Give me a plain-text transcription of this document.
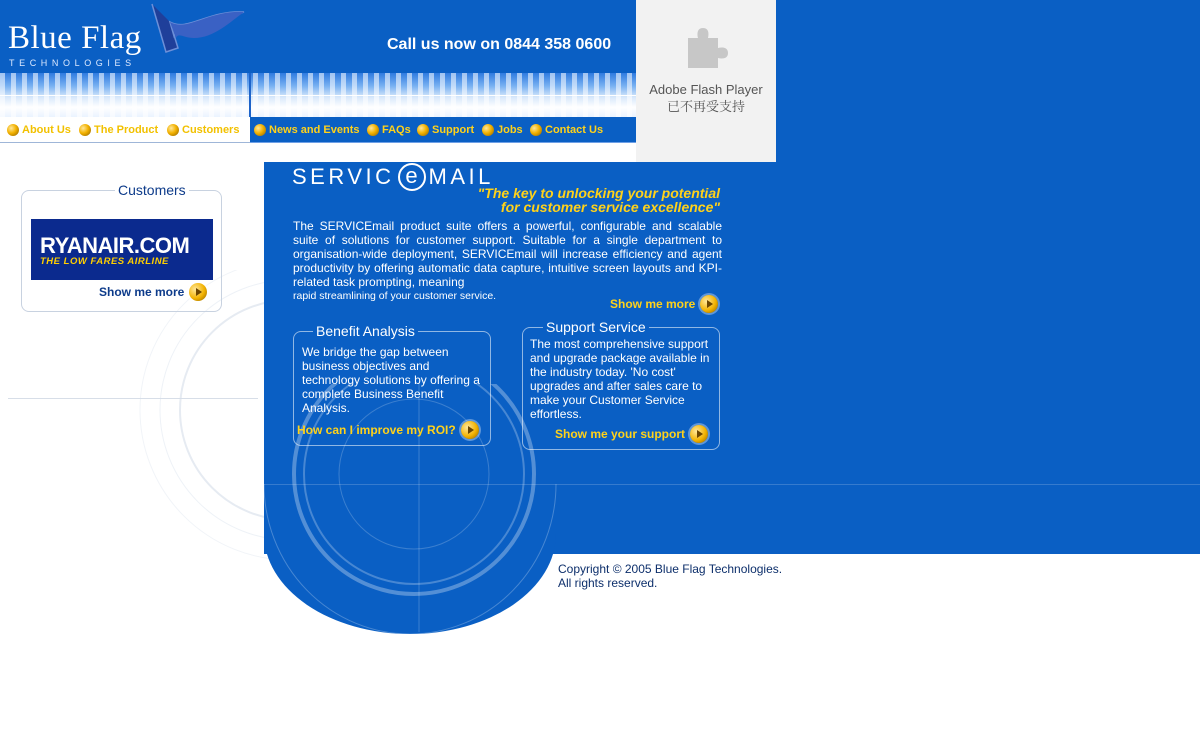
Blue Flag
TECHNOLOGIES
Call us now on 0844 358 0600
About Us The Product Customers	News and Events FAQs Support Jobs Contact Us
Adobe Flash Player 已不再受支持
SERVIC e MAIL
"The key to unlocking your potential
for customer service excellence"
The SERVICEmail product suite offers a powerful, configurable and scalable suite of solutions for customer support. Suitable for a single department to organisation-wide deployment, SERVICEmail will increase efficiency and agent productivity by offering automatic data capture, intuitive screen layouts and KPI-related task prompting, meaning
rapid streamlining of your customer service.
Show me more
Benefit Analysis
We bridge the gap between business objectives and technology solutions by offering a complete Business Benefit Analysis.
How can I improve my ROI?
Support Service
The most comprehensive support and upgrade package available in the industry today. 'No cost' upgrades and after sales care to make your Customer Service effortless.
Show me your support
Customers
RYANAIR.COM
THE LOW FARES AIRLINE
Show me more
Copyright © 2005 Blue Flag Technologies.
All rights reserved.
